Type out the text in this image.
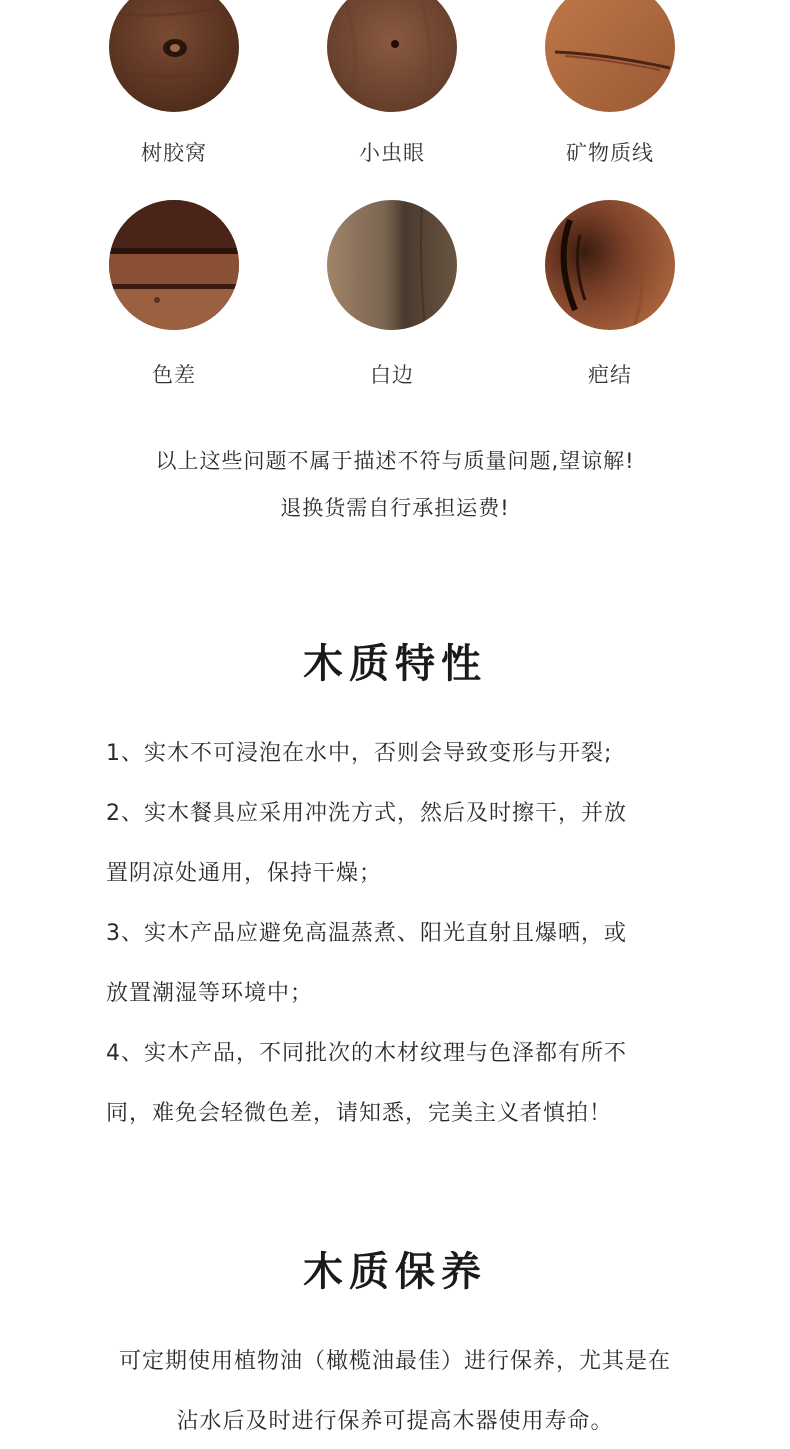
树胶窝	小虫眼	矿物质线
色差	白边	疤结
以上这些问题不属于描述不符与质量问题,望谅解!
退换货需自行承担运费!
木质特性
1、实木不可浸泡在水中，否则会导致变形与开裂;
2、实木餐具应采用冲洗方式，然后及时擦干，并放
置阴凉处通用，保持干燥；
3、实木产品应避免高温蒸煮、阳光直射且爆晒，或
放置潮湿等环境中；
4、实木产品，不同批次的木材纹理与色泽都有所不
同，难免会轻微色差，请知悉，完美主义者慎拍！
木质保养
可定期使用植物油（橄榄油最佳）进行保养，尤其是在
沾水后及时进行保养可提高木器使用寿命。
